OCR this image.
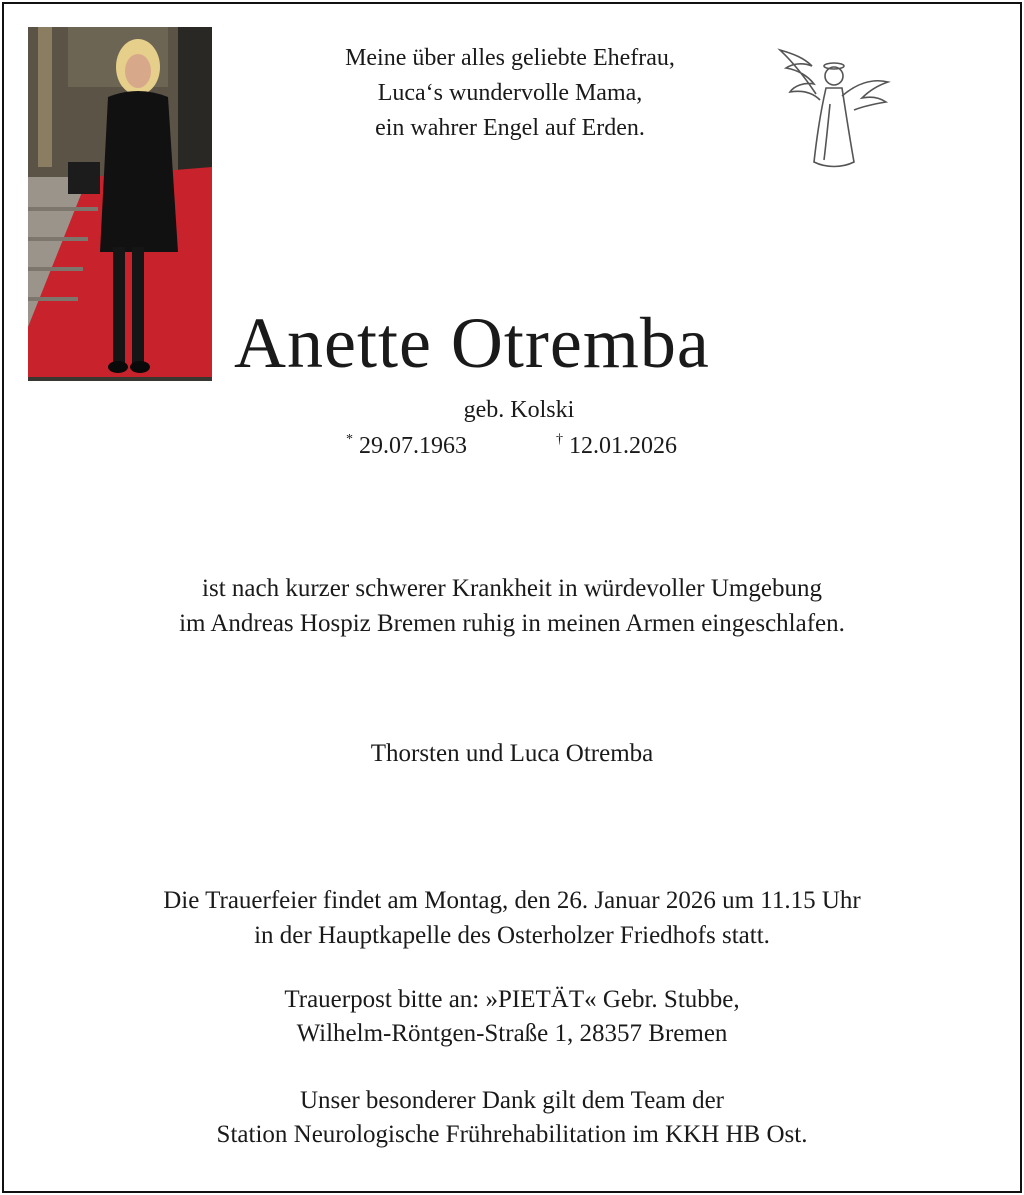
Meine über alles geliebte Ehefrau,
Luca‘s wundervolle Mama,
ein wahrer Engel auf Erden.
Anette Otremba
geb. Kolski
* 29.07.1963	† 12.01.2026
ist nach kurzer schwerer Krankheit in würdevoller Umgebung
im Andreas Hospiz Bremen ruhig in meinen Armen eingeschlafen.
Thorsten und Luca Otremba
Die Trauerfeier findet am Montag, den 26. Januar 2026 um 11.15 Uhr
in der Hauptkapelle des Osterholzer Friedhofs statt.
Trauerpost bitte an: »PIETÄT« Gebr. Stubbe,
Wilhelm-Röntgen-Straße 1, 28357 Bremen
Unser besonderer Dank gilt dem Team der
Station Neurologische Frührehabilitation im KKH HB Ost.
